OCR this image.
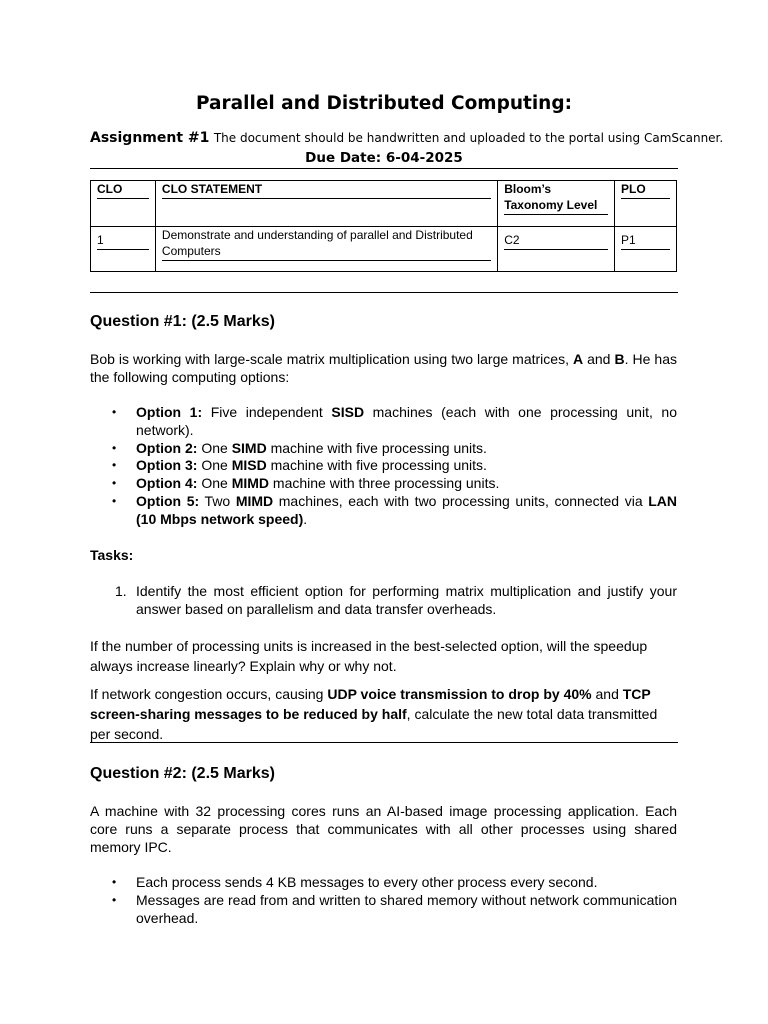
Parallel and Distributed Computing:
Assignment #1 The document should be handwritten and uploaded to the portal using CamScanner.
Due Date: 6-04-2025
CLO	CLO STATEMENT	Bloom’s Taxonomy Level	PLO

1	Demonstrate and understanding of parallel and Distributed Computers	C2	P1
Question #1: (2.5 Marks)
Bob is working with large-scale matrix multiplication using two large matrices, A and B. He has the following computing options:
• Option 1: Five independent SISD machines (each with one processing unit, no network).
• Option 2: One SIMD machine with five processing units.
• Option 3: One MISD machine with five processing units.
• Option 4: One MIMD machine with three processing units.
• Option 5: Two MIMD machines, each with two processing units, connected via LAN (10 Mbps network speed).
Tasks:
1. Identify the most efficient option for performing matrix multiplication and justify your answer based on parallelism and data transfer overheads.
If the number of processing units is increased in the best-selected option, will the speedup always increase linearly? Explain why or why not.
If network congestion occurs, causing UDP voice transmission to drop by 40% and TCP screen-sharing messages to be reduced by half, calculate the new total data transmitted per second.
Question #2: (2.5 Marks)
A machine with 32 processing cores runs an AI-based image processing application. Each core runs a separate process that communicates with all other processes using shared memory IPC.
• Each process sends 4 KB messages to every other process every second.
• Messages are read from and written to shared memory without network communication overhead.
